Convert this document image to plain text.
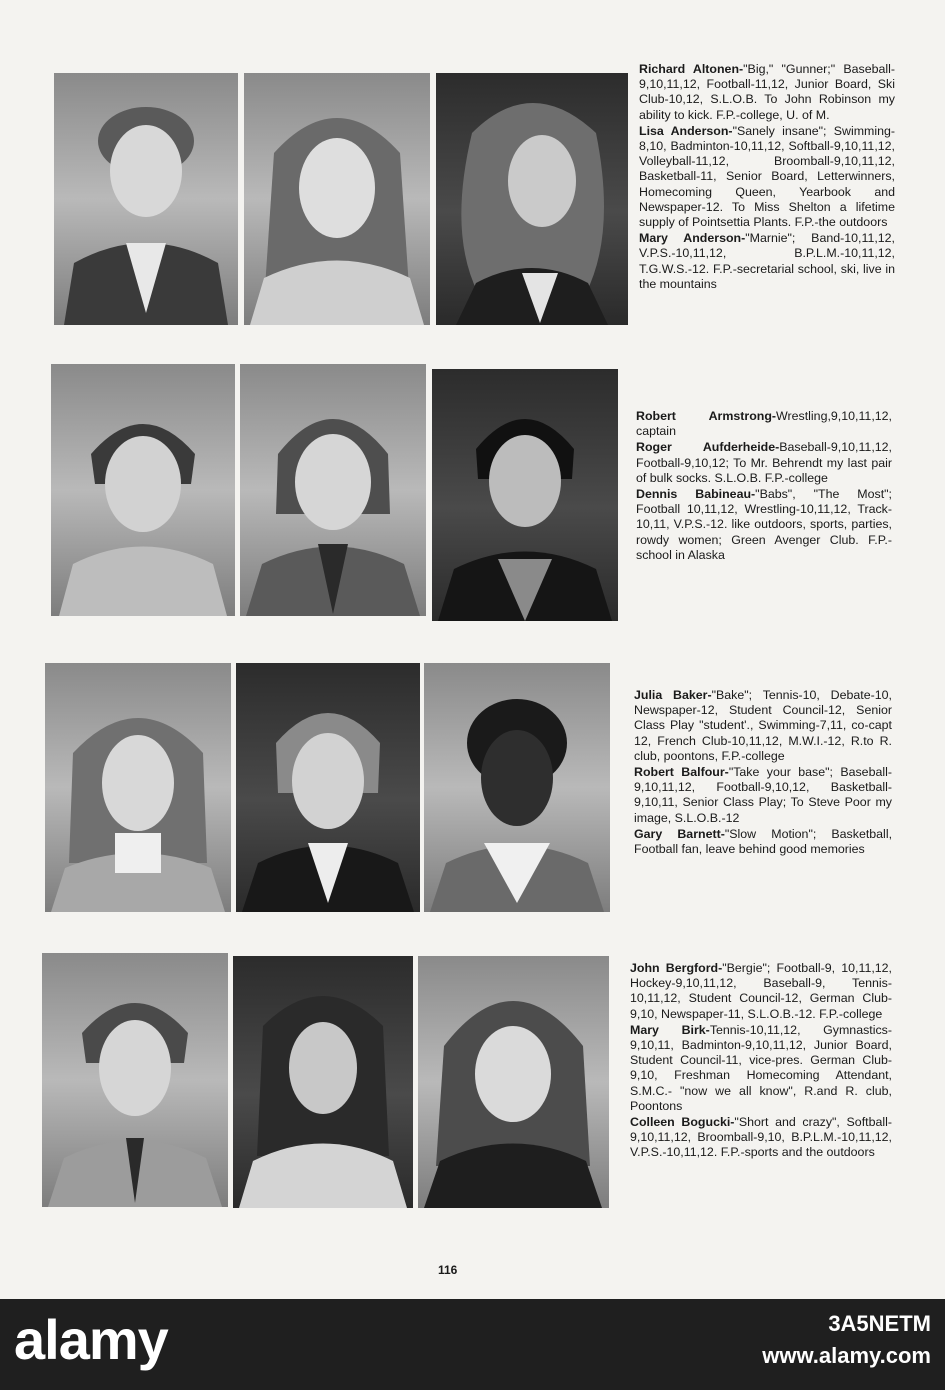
Richard Altonen-"Big," "Gunner;" Baseball-9,10,11,12, Football-11,12, Junior Board, Ski Club-10,12, S.L.O.B. To John Robinson my ability to kick. F.P.-college, U. of M.
Lisa Anderson-"Sanely insane"; Swimming-8,10, Badminton-10,11,12, Softball-9,10,11,12, Volleyball-11,12, Broomball-9,10,11,12, Basketball-11, Senior Board, Letterwinners, Homecoming Queen, Yearbook and Newspaper-12. To Miss Shelton a lifetime supply of Pointsettia Plants. F.P.-the outdoors
Mary Anderson-"Marnie"; Band-10,11,12, V.P.S.-10,11,12, B.P.L.M.-10,11,12, T.G.W.S.-12. F.P.-secretarial school, ski, live in the mountains
Robert Armstrong-Wrestling,9,10,11,12, captain
Roger Aufderheide-Baseball-9,10,11,12, Football-9,10,12; To Mr. Behrendt my last pair of bulk socks. S.L.O.B. F.P.-college
Dennis Babineau-"Babs", "The Most"; Football 10,11,12, Wrestling-10,11,12, Track-10,11, V.P.S.-12. like outdoors, sports, parties, rowdy women; Green Avenger Club. F.P.-school in Alaska
Julia Baker-"Bake"; Tennis-10, Debate-10, Newspaper-12, Student Council-12, Senior Class Play "student'., Swimming-7,11, co-capt 12, French Club-10,11,12, M.W.I.-12, R.to R. club, poontons, F.P.-college
Robert Balfour-"Take your base"; Baseball-9,10,11,12, Football-9,10,12, Basketball-9,10,11, Senior Class Play; To Steve Poor my image, S.L.O.B.-12
Gary Barnett-"Slow Motion"; Basketball, Football fan, leave behind good memories
John Bergford-"Bergie"; Football-9, 10,11,12, Hockey-9,10,11,12, Baseball-9, Tennis-10,11,12, Student Council-12, German Club-9,10, Newspaper-11, S.L.O.B.-12. F.P.-college
Mary Birk-Tennis-10,11,12, Gymnastics-9,10,11, Badminton-9,10,11,12, Junior Board, Student Council-11, vice-pres. German Club-9,10, Freshman Homecoming Attendant, S.M.C.- "now we all know", R.and R. club, Poontons
Colleen Bogucki-"Short and crazy", Softball-9,10,11,12, Broomball-9,10, B.P.L.M.-10,11,12, V.P.S.-10,11,12. F.P.-sports and the outdoors
116
alamy	3A5NETM
www.alamy.com
